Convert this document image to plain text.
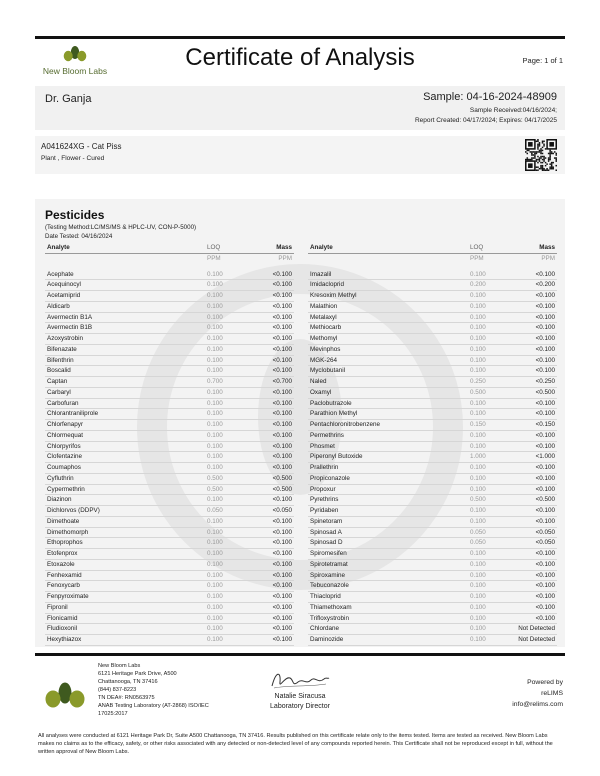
New Bloom Labs	Certificate of Analysis	Page: 1 of 1
Dr. Ganja	Sample: 04-16-2024-48909
Sample Received:04/16/2024;
Report Created: 04/17/2024; Expires: 04/17/2025
A041624XG - Cat Piss
Plant , Flower - Cured
Pesticides
(Testing Method:LC/MS/MS & HPLC-UV, CON-P-5000)
Date Tested: 04/16/2024
Analyte	LOQ	Mass
	PPM	PPM

Acephate	0.100	<0.100
Acequinocyl	0.100	<0.100
Acetamiprid	0.100	<0.100
Aldicarb	0.100	<0.100
Avermectin B1A	0.100	<0.100
Avermectin B1B	0.100	<0.100
Azoxystrobin	0.100	<0.100
Bifenazate	0.100	<0.100
Bifenthrin	0.100	<0.100
Boscalid	0.100	<0.100
Captan	0.700	<0.700
Carbaryl	0.100	<0.100
Carbofuran	0.100	<0.100
Chlorantraniliprole	0.100	<0.100
Chlorfenapyr	0.100	<0.100
Chlormequat	0.100	<0.100
Chlorpyrifos	0.100	<0.100
Clofentazine	0.100	<0.100
Coumaphos	0.100	<0.100
Cyfluthrin	0.500	<0.500
Cypermethrin	0.500	<0.500
Diazinon	0.100	<0.100
Dichlorvos (DDPV)	0.050	<0.050
Dimethoate	0.100	<0.100
Dimethomorph	0.100	<0.100
Ethoprophos	0.100	<0.100
Etofenprox	0.100	<0.100
Etoxazole	0.100	<0.100
Fenhexamid	0.100	<0.100
Fenoxycarb	0.100	<0.100
Fenpyroximate	0.100	<0.100
Fipronil	0.100	<0.100
Flonicamid	0.100	<0.100
Fludioxonil	0.100	<0.100
Hexythiazox	0.100	<0.100
Analyte	LOQ	Mass
	PPM	PPM

Imazalil	0.100	<0.100
Imidacloprid	0.200	<0.200
Kresoxim Methyl	0.100	<0.100
Malathion	0.100	<0.100
Metalaxyl	0.100	<0.100
Methiocarb	0.100	<0.100
Methomyl	0.100	<0.100
Mevinphos	0.100	<0.100
MGK-264	0.100	<0.100
Myclobutanil	0.100	<0.100
Naled	0.250	<0.250
Oxamyl	0.500	<0.500
Paclobutrazole	0.100	<0.100
Parathion Methyl	0.100	<0.100
Pentachloronitrobenzene	0.150	<0.150
Permethrins	0.100	<0.100
Phosmet	0.100	<0.100
Piperonyl Butoxide	1.000	<1.000
Prallethrin	0.100	<0.100
Propiconazole	0.100	<0.100
Propoxur	0.100	<0.100
Pyrethrins	0.500	<0.500
Pyridaben	0.100	<0.100
Spinetoram	0.100	<0.100
Spinosad A	0.050	<0.050
Spinosad D	0.050	<0.050
Spiromesifen	0.100	<0.100
Spirotetramat	0.100	<0.100
Spiroxamine	0.100	<0.100
Tebuconazole	0.100	<0.100
Thiacloprid	0.100	<0.100
Thiamethoxam	0.100	<0.100
Trifloxystrobin	0.100	<0.100
Chlordane	0.100	Not Detected
Daminozide	0.100	Not Detected
New Bloom Labs
6121 Heritage Park Drive, A500
Chattanooga, TN 37416
(844) 837-8223
TN DEA#: RN0563975
ANAB Testing Laboratory (AT-2868) ISO/IEC
17025:2017
Natalie Siracusa
Laboratory Director
Powered by
reLIMS
info@relims.com
All analyses were conducted at 6121 Heritage Park Dr, Suite A500 Chattanooga, TN 37416. Results published on this certificate relate only to the items tested. Items are tested as received. New Bloom Labs makes no claims as to the efficacy, safety, or other risks associated with any detected or non-detected level of any compounds reported herein. This Certificate shall not be reproduced except in full, without the written approval of New Bloom Labs.
